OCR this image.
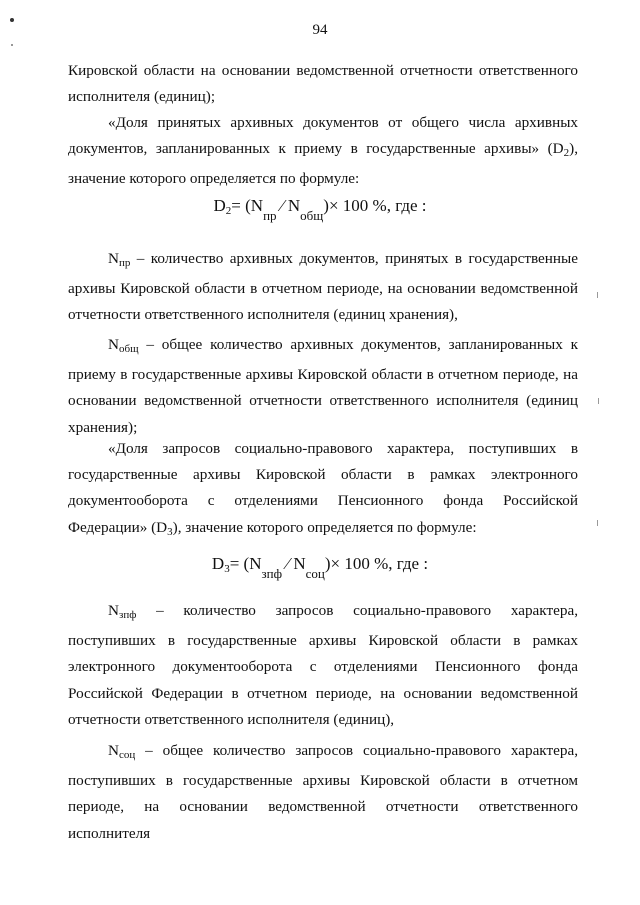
94
Кировской области на основании ведомственной отчетности ответственного исполнителя (единиц);
«Доля принятых архивных документов от общего числа архивных документов, запланированных к приему в государственные архивы» $(D_2)$, значение которого определяется по формуле:
$D_2= (N_{пр}$ ⁄ $N_{общ})\times 100$ %, где :
$N_{пр}$ – количество архивных документов, принятых в государственные архивы Кировской области в отчетном периоде, на основании ведомственной отчетности ответственного исполнителя (единиц хранения),
$N_{общ}$ – общее количество архивных документов, запланированных к приему в государственные архивы Кировской области в отчетном периоде, на основании ведомственной отчетности ответственного исполнителя (единиц хранения);
«Доля запросов социально-правового характера, поступивших в государственные архивы Кировской области в рамках электронного документооборота с отделениями Пенсионного фонда Российской Федерации» $(D_3)$, значение которого определяется по формуле:
$D_3= (N_{зпф}$ ⁄ $N_{соц})\times 100$ %, где :
$N_{зпф}$ – количество запросов социально-правового характера, поступивших в государственные архивы Кировской области в рамках электронного документооборота с отделениями Пенсионного фонда Российской Федерации в отчетном периоде, на основании ведомственной отчетности ответственного исполнителя (единиц),
$N_{соц}$ – общее количество запросов социально-правового характера, поступивших в государственные архивы Кировской области в отчетном периоде, на основании ведомственной отчетности ответственного исполнителя
